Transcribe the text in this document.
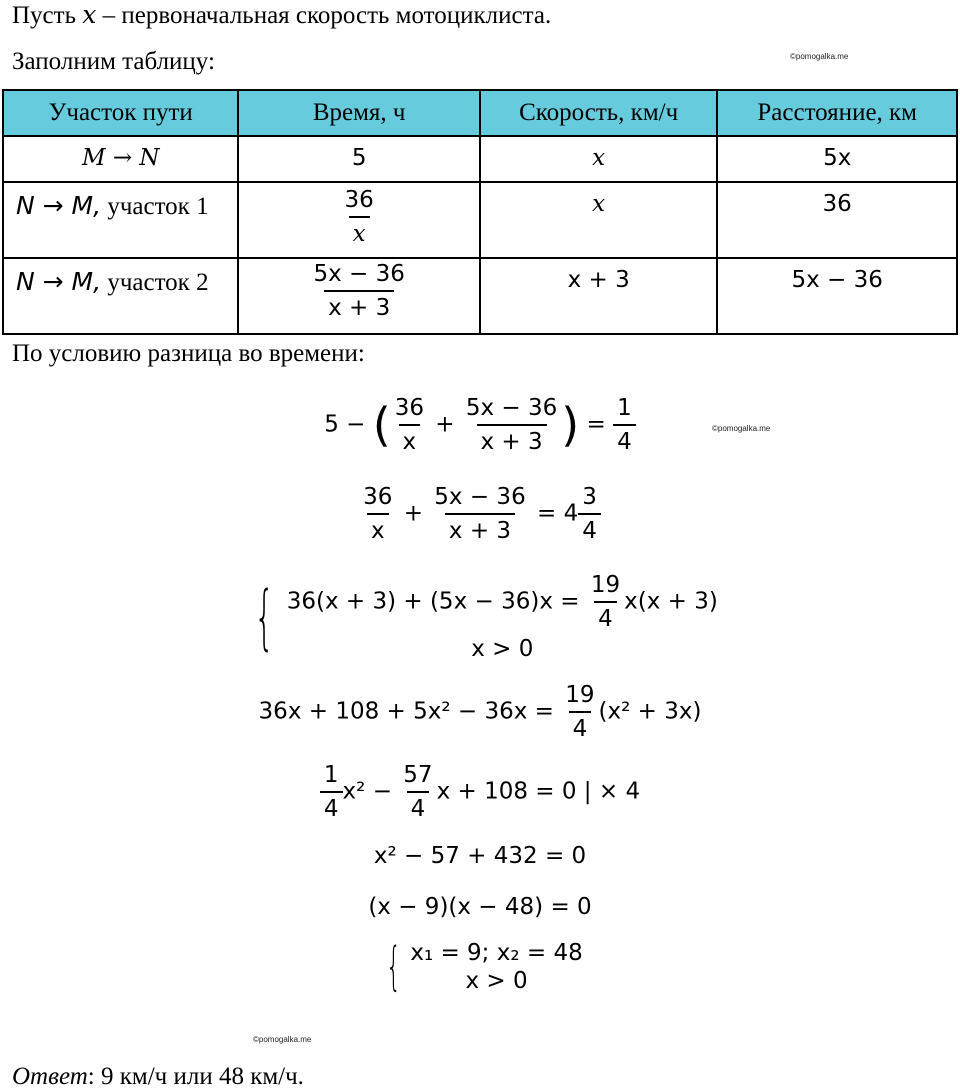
Пусть x – первоначальная скорость мотоциклиста.
Заполним таблицу:	©pomogalka.me
Участок пути	Время, ч	Скорость, км/ч	Расстояние, км
M → N	5	x	5x
N → M, участок 1	$\frac{36}{x}$	x	36
N → M, участок 2	$\frac{5x - 36}{x + 3}$	x + 3	5x − 36
По условию разница во времени:
5 − ( $\frac{36}{x} + \frac{5x - 36}{x + 3}$ ) = $\frac{1}{4}$	©pomogalka.me
$\frac{36}{x} + \frac{5x - 36}{x + 3} = 4 \frac{3}{4}$
{ $36(x + 3) + (5x - 36)x = \frac{19}{4} x(x + 3)$
x > 0
$36x + 108 + 5x^2 - 36x = \frac{19}{4} (x^2 + 3x)$
$\frac{1}{4} x^2 - \frac{57}{4}$ x + 108 = 0 | × 4
x² − 57 + 432 = 0
(x − 9)(x − 48) = 0
{ x₁ = 9; x₂ = 48
x > 0
©pomogalka.me
Ответ: 9 км/ч или 48 км/ч.
